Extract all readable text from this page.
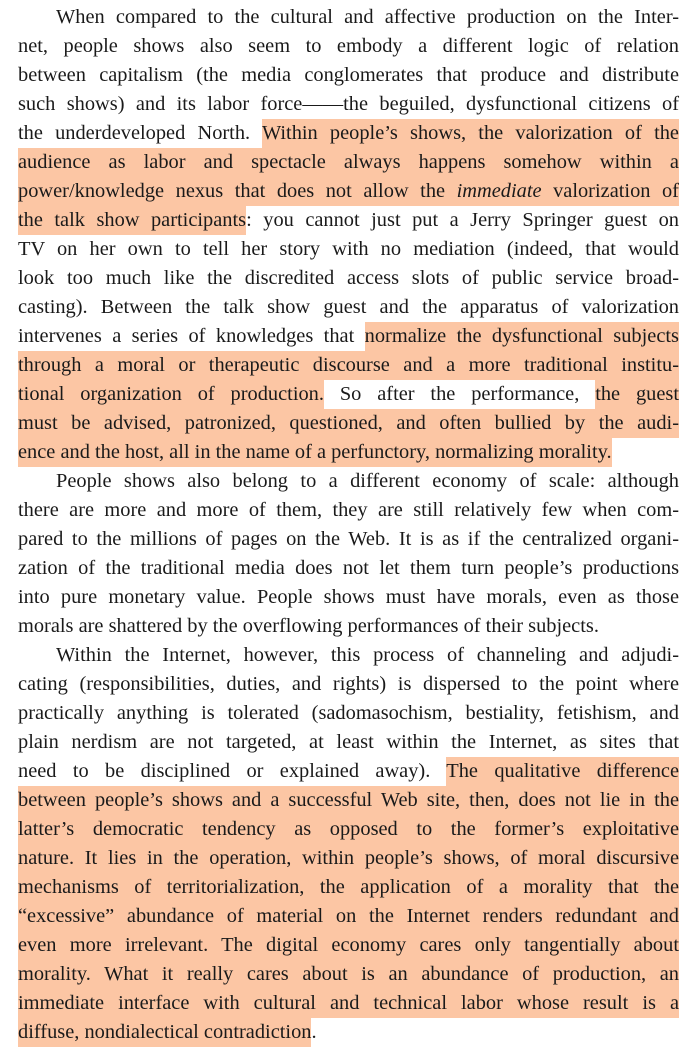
When compared to the cultural and affective production on the Inter-
net, people shows also seem to embody a different logic of relation
between capitalism (the media conglomerates that produce and distribute
such shows) and its labor force——the beguiled, dysfunctional citizens of
the underdeveloped North. Within people’s shows, the valorization of the
audience as labor and spectacle always happens somehow within a
power/knowledge nexus that does not allow the immediate valorization of
the talk show participants: you cannot just put a Jerry Springer guest on
TV on her own to tell her story with no mediation (indeed, that would
look too much like the discredited access slots of public service broad-
casting). Between the talk show guest and the apparatus of valorization
intervenes a series of knowledges that normalize the dysfunctional subjects
through a moral or therapeutic discourse and a more traditional institu-
tional organization of production. So after the performance, the guest
must be advised, patronized, questioned, and often bullied by the audi-
ence and the host, all in the name of a perfunctory, normalizing morality.
People shows also belong to a different economy of scale: although
there are more and more of them, they are still relatively few when com-
pared to the millions of pages on the Web. It is as if the centralized organi-
zation of the traditional media does not let them turn people’s productions
into pure monetary value. People shows must have morals, even as those
morals are shattered by the overflowing performances of their subjects.
Within the Internet, however, this process of channeling and adjudi-
cating (responsibilities, duties, and rights) is dispersed to the point where
practically anything is tolerated (sadomasochism, bestiality, fetishism, and
plain nerdism are not targeted, at least within the Internet, as sites that
need to be disciplined or explained away). The qualitative difference
between people’s shows and a successful Web site, then, does not lie in the
latter’s democratic tendency as opposed to the former’s exploitative
nature. It lies in the operation, within people’s shows, of moral discursive
mechanisms of territorialization, the application of a morality that the
“excessive” abundance of material on the Internet renders redundant and
even more irrelevant. The digital economy cares only tangentially about
morality. What it really cares about is an abundance of production, an
immediate interface with cultural and technical labor whose result is a
diffuse, nondialectical contradiction.
